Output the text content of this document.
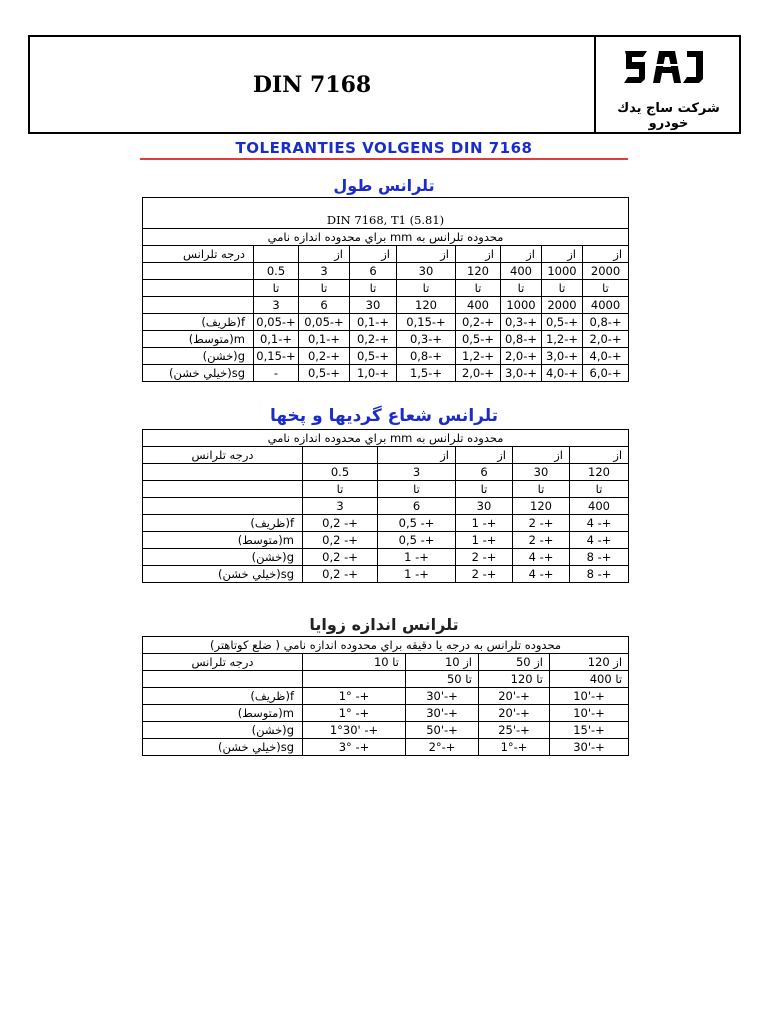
DIN 7168
شركت ساج يدك خودرو
TOLERANTIES VOLGENS DIN 7168
تلرانس طول
DIN 7168, T1 (5.81)								
محدوده تلرانس به mm براي محدوده اندازه نامي								
درجه تلرانس		از	از	از	از	از	از	از
	0.5	3	6	30	120	400	1000	2000
	تا	تا	تا	تا	تا	تا	تا	تا
	3	6	30	120	400	1000	2000	4000
f(ظريف)	0,05-+	0,05-+	0,1-+	0,15-+	0,2-+	0,3-+	0,5-+	0,8-+
m(متوسط)	0,1-+	0,1-+	0,2-+	0,3-+	0,5-+	0,8-+	1,2-+	2,0-+
g(خشن)	0,15-+	0,2-+	0,5-+	0,8-+	1,2-+	2,0-+	3,0-+	4,0-+
sg(خيلي خشن)	-	0,5-+	1,0-+	1,5-+	2,0-+	3,0-+	4,0-+	6,0-+
تلرانس شعاع گرديها و پخها
محدوده تلرانس به mm براي محدوده اندازه نامي					
درجه تلرانس		از	از	از	از
	0.5	3	6	30	120
	تا	تا	تا	تا	تا
	3	6	30	120	400
f(ظريف)	0,2 -+	0,5 -+	1 -+	2 -+	4 -+
m(متوسط)	0,2 -+	0,5 -+	1 -+	2 -+	4 -+
g(خشن)	0,2 -+	1 -+	2 -+	4 -+	8 -+
sg(خيلي خشن)	0,2 -+	1 -+	2 -+	4 -+	8 -+
تلرانس اندازه زوايا
محدوده تلرانس به درجه يا دقيقه براي محدوده اندازه نامي ( ضلع كوتاهتر)				
درجه تلرانس	تا 10	از 10	از 50	از 120
		تا 50	تا 120	تا 400
f(ظريف)	1° -+	30'-+	20'-+	10'-+
m(متوسط)	1° -+	30'-+	20'-+	10'-+
g(خشن)	1°30' -+	50'-+	25'-+	15'-+
sg(خيلي خشن)	3° -+	2°-+	1°-+	30'-+
